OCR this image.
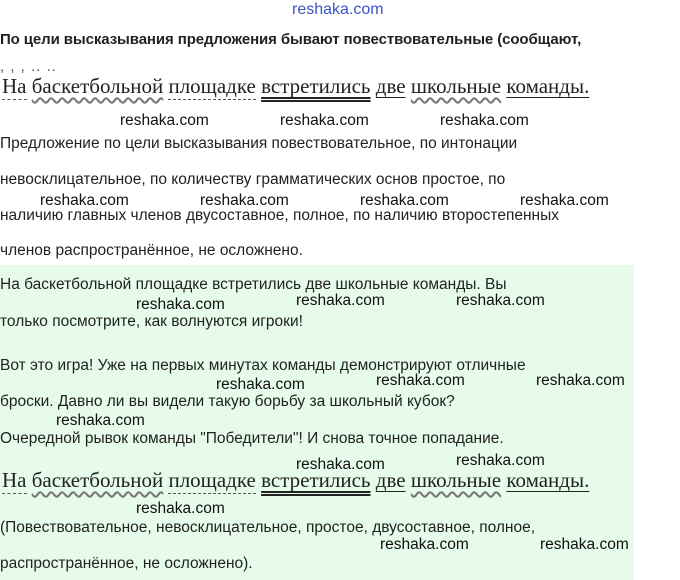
reshaka.com
По цели высказывания предложения бывают повествовательные (сообщают,
, , , .. ..
На баскетбольной площадке встретились две школьные команды.
Предложение по цели высказывания повествовательное, по интонации
невосклицательное, по количеству грамматических основ простое, по
наличию главных членов двусоставное, полное, по наличию второстепенных
членов распространённое, не осложнено.
На баскетбольной площадке встретились две школьные команды. Вы
только посмотрите, как волнуются игроки!
Вот это игра! Уже на первых минутах команды демонстрируют отличные
броски. Давно ли вы видели такую борьбу за школьный кубок?
Очередной рывок команды "Победители"! И снова точное попадание.
На баскетбольной площадке встретились две школьные команды.
(Повествовательное, невосклицательное, простое, двусоставное, полное,
распространённое, не осложнено).
reshaka.com	reshaka.com	reshaka.com
reshaka.com	reshaka.com	reshaka.com	reshaka.com
reshaka.com	reshaka.com	reshaka.com
reshaka.com	reshaka.com	reshaka.com
reshaka.com
reshaka.com	reshaka.com
reshaka.com
reshaka.com	reshaka.com
